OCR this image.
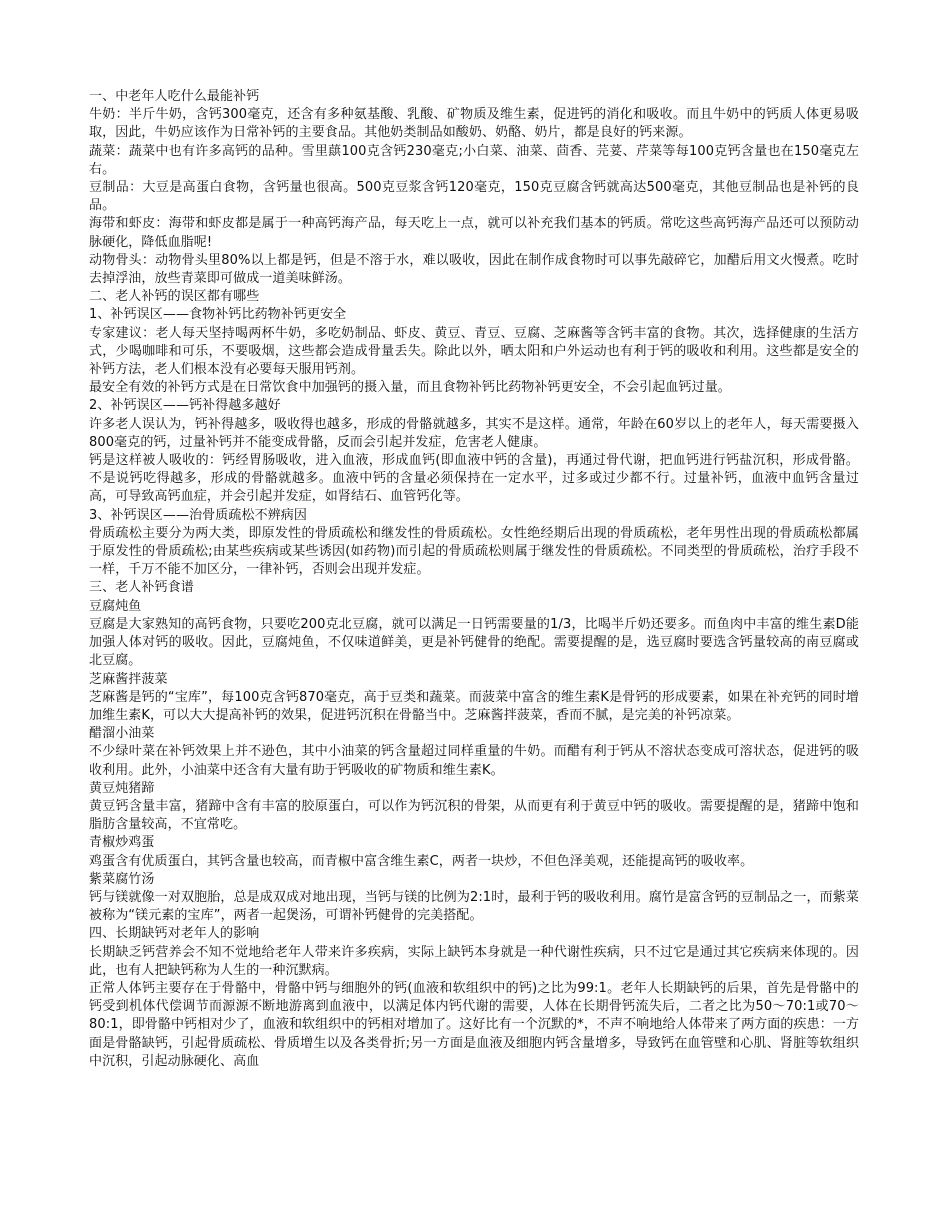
一、中老年人吃什么最能补钙

牛奶：半斤牛奶，含钙300毫克，还含有多种氨基酸、乳酸、矿物质及维生素，促进钙的消化和吸收。而且牛奶中的钙质人体更易吸取，因此，牛奶应该作为日常补钙的主要食品。其他奶类制品如酸奶、奶酪、奶片，都是良好的钙来源。

蔬菜：蔬菜中也有许多高钙的品种。雪里蕻100克含钙230毫克;小白菜、油菜、茴香、芫荽、芹菜等每100克钙含量也在150毫克左右。

豆制品：大豆是高蛋白食物，含钙量也很高。500克豆浆含钙120毫克，150克豆腐含钙就高达500毫克，其他豆制品也是补钙的良品。

海带和虾皮：海带和虾皮都是属于一种高钙海产品，每天吃上一点，就可以补充我们基本的钙质。常吃这些高钙海产品还可以预防动脉硬化，降低血脂呢!

动物骨头：动物骨头里80%以上都是钙，但是不溶于水，难以吸收，因此在制作成食物时可以事先敲碎它，加醋后用文火慢煮。吃时去掉浮油，放些青菜即可做成一道美味鲜汤。

二、老人补钙的误区都有哪些
1、补钙误区——食物补钙比药物补钙更安全

专家建议：老人每天坚持喝两杯牛奶，多吃奶制品、虾皮、黄豆、青豆、豆腐、芝麻酱等含钙丰富的食物。其次，选择健康的生活方式，少喝咖啡和可乐，不要吸烟，这些都会造成骨量丢失。除此以外，晒太阳和户外运动也有利于钙的吸收和利用。这些都是安全的补钙方法，老人们根本没有必要每天服用钙剂。

最安全有效的补钙方式是在日常饮食中加强钙的摄入量，而且食物补钙比药物补钙更安全，不会引起血钙过量。

2、补钙误区——钙补得越多越好

许多老人误认为，钙补得越多，吸收得也越多，形成的骨骼就越多，其实不是这样。通常，年龄在60岁以上的老年人，每天需要摄入800毫克的钙，过量补钙并不能变成骨骼，反而会引起并发症，危害老人健康。

钙是这样被人吸收的：钙经胃肠吸收，进入血液，形成血钙(即血液中钙的含量)，再通过骨代谢，把血钙进行钙盐沉积，形成骨骼。不是说钙吃得越多，形成的骨骼就越多。血液中钙的含量必须保持在一定水平，过多或过少都不行。过量补钙，血液中血钙含量过高，可导致高钙血症，并会引起并发症，如肾结石、血管钙化等。

3、补钙误区——治骨质疏松不辨病因

骨质疏松主要分为两大类，即原发性的骨质疏松和继发性的骨质疏松。女性绝经期后出现的骨质疏松，老年男性出现的骨质疏松都属于原发性的骨质疏松;由某些疾病或某些诱因(如药物)而引起的骨质疏松则属于继发性的骨质疏松。不同类型的骨质疏松，治疗手段不一样，千万不能不加区分，一律补钙，否则会出现并发症。

三、老人补钙食谱
豆腐炖鱼

豆腐是大家熟知的高钙食物，只要吃200克北豆腐，就可以满足一日钙需要量的1/3，比喝半斤奶还要多。而鱼肉中丰富的维生素D能加强人体对钙的吸收。因此，豆腐炖鱼，不仅味道鲜美，更是补钙健骨的绝配。需要提醒的是，选豆腐时要选含钙量较高的南豆腐或北豆腐。

芝麻酱拌菠菜

芝麻酱是钙的“宝库”，每100克含钙870毫克，高于豆类和蔬菜。而菠菜中富含的维生素K是骨钙的形成要素，如果在补充钙的同时增加维生素K，可以大大提高补钙的效果，促进钙沉积在骨骼当中。芝麻酱拌菠菜，香而不腻，是完美的补钙凉菜。

醋溜小油菜

不少绿叶菜在补钙效果上并不逊色，其中小油菜的钙含量超过同样重量的牛奶。而醋有利于钙从不溶状态变成可溶状态，促进钙的吸收利用。此外，小油菜中还含有大量有助于钙吸收的矿物质和维生素K。

黄豆炖猪蹄

黄豆钙含量丰富，猪蹄中含有丰富的胶原蛋白，可以作为钙沉积的骨架，从而更有利于黄豆中钙的吸收。需要提醒的是，猪蹄中饱和脂肪含量较高，不宜常吃。

青椒炒鸡蛋

鸡蛋含有优质蛋白，其钙含量也较高，而青椒中富含维生素C，两者一块炒，不但色泽美观，还能提高钙的吸收率。

紫菜腐竹汤

钙与镁就像一对双胞胎，总是成双成对地出现，当钙与镁的比例为2:1时，最利于钙的吸收利用。腐竹是富含钙的豆制品之一，而紫菜被称为“镁元素的宝库”，两者一起煲汤，可谓补钙健骨的完美搭配。

四、长期缺钙对老年人的影响

长期缺乏钙营养会不知不觉地给老年人带来许多疾病，实际上缺钙本身就是一种代谢性疾病，只不过它是通过其它疾病来体现的。因此，也有人把缺钙称为人生的一种沉默病。

正常人体钙主要存在于骨骼中，骨骼中钙与细胞外的钙(血液和软组织中的钙)之比为99:1。老年人长期缺钙的后果，首先是骨骼中的钙受到机体代偿调节而源源不断地游离到血液中，以满足体内钙代谢的需要，人体在长期骨钙流失后，二者之比为50～70:1或70～80:1，即骨骼中钙相对少了，血液和软组织中的钙相对增加了。这好比有一个沉默的*，不声不响地给人体带来了两方面的疾患：一方面是骨骼缺钙，引起骨质疏松、骨质增生以及各类骨折;另一方面是血液及细胞内钙含量增多，导致钙在血管壁和心肌、肾脏等软组织中沉积，引起动脉硬化、高血
